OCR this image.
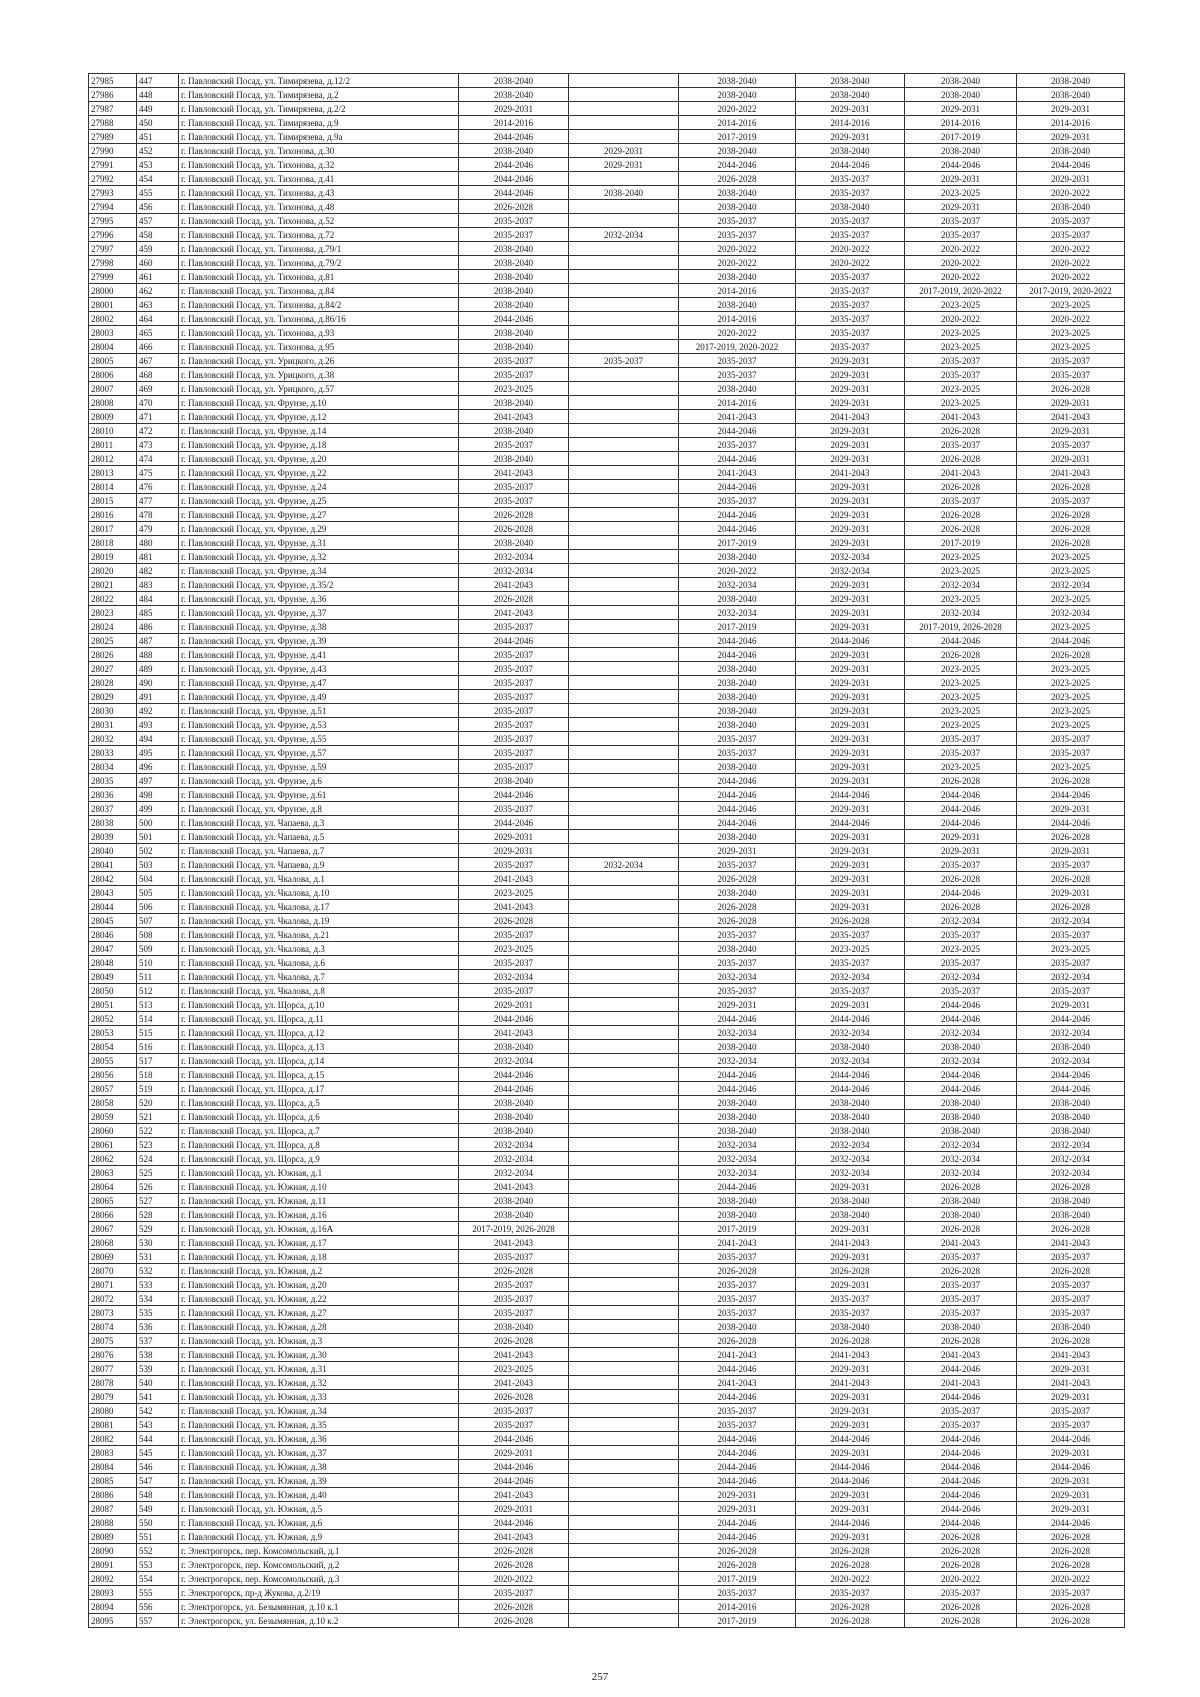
27985	447	г. Павловский Посад, ул. Тимирязева, д.12/2	2038-2040		2038-2040	2038-2040	2038-2040	2038-2040
27986	448	г. Павловский Посад, ул. Тимирязева, д.2	2038-2040		2038-2040	2038-2040	2038-2040	2038-2040
27987	449	г. Павловский Посад, ул. Тимирязева, д.2/2	2029-2031		2020-2022	2029-2031	2029-2031	2029-2031
27988	450	г. Павловский Посад, ул. Тимирязева, д.9	2014-2016		2014-2016	2014-2016	2014-2016	2014-2016
27989	451	г. Павловский Посад, ул. Тимирязева, д.9а	2044-2046		2017-2019	2029-2031	2017-2019	2029-2031
27990	452	г. Павловский Посад, ул. Тихонова, д.30	2038-2040	2029-2031	2038-2040	2038-2040	2038-2040	2038-2040
27991	453	г. Павловский Посад, ул. Тихонова, д.32	2044-2046	2029-2031	2044-2046	2044-2046	2044-2046	2044-2046
27992	454	г. Павловский Посад, ул. Тихонова, д.41	2044-2046		2026-2028	2035-2037	2029-2031	2029-2031
27993	455	г. Павловский Посад, ул. Тихонова, д.43	2044-2046	2038-2040	2038-2040	2035-2037	2023-2025	2020-2022
27994	456	г. Павловский Посад, ул. Тихонова, д.48	2026-2028		2038-2040	2038-2040	2029-2031	2038-2040
27995	457	г. Павловский Посад, ул. Тихонова, д.52	2035-2037		2035-2037	2035-2037	2035-2037	2035-2037
27996	458	г. Павловский Посад, ул. Тихонова, д.72	2035-2037	2032-2034	2035-2037	2035-2037	2035-2037	2035-2037
27997	459	г. Павловский Посад, ул. Тихонова, д.79/1	2038-2040		2020-2022	2020-2022	2020-2022	2020-2022
27998	460	г. Павловский Посад, ул. Тихонова, д.79/2	2038-2040		2020-2022	2020-2022	2020-2022	2020-2022
27999	461	г. Павловский Посад, ул. Тихонова, д.81	2038-2040		2038-2040	2035-2037	2020-2022	2020-2022
28000	462	г. Павловский Посад, ул. Тихонова, д.84	2038-2040		2014-2016	2035-2037	2017-2019, 2020-2022	2017-2019, 2020-2022
28001	463	г. Павловский Посад, ул. Тихонова, д.84/2	2038-2040		2038-2040	2035-2037	2023-2025	2023-2025
28002	464	г. Павловский Посад, ул. Тихонова, д.86/16	2044-2046		2014-2016	2035-2037	2020-2022	2020-2022
28003	465	г. Павловский Посад, ул. Тихонова, д.93	2038-2040		2020-2022	2035-2037	2023-2025	2023-2025
28004	466	г. Павловский Посад, ул. Тихонова, д.95	2038-2040		2017-2019, 2020-2022	2035-2037	2023-2025	2023-2025
28005	467	г. Павловский Посад, ул. Урицкого, д.26	2035-2037	2035-2037	2035-2037	2029-2031	2035-2037	2035-2037
28006	468	г. Павловский Посад, ул. Урицкого, д.38	2035-2037		2035-2037	2029-2031	2035-2037	2035-2037
28007	469	г. Павловский Посад, ул. Урицкого, д.57	2023-2025		2038-2040	2029-2031	2023-2025	2026-2028
28008	470	г. Павловский Посад, ул. Фрунзе, д.10	2038-2040		2014-2016	2029-2031	2023-2025	2029-2031
28009	471	г. Павловский Посад, ул. Фрунзе, д.12	2041-2043		2041-2043	2041-2043	2041-2043	2041-2043
28010	472	г. Павловский Посад, ул. Фрунзе, д.14	2038-2040		2044-2046	2029-2031	2026-2028	2029-2031
28011	473	г. Павловский Посад, ул. Фрунзе, д.18	2035-2037		2035-2037	2029-2031	2035-2037	2035-2037
28012	474	г. Павловский Посад, ул. Фрунзе, д.20	2038-2040		2044-2046	2029-2031	2026-2028	2029-2031
28013	475	г. Павловский Посад, ул. Фрунзе, д.22	2041-2043		2041-2043	2041-2043	2041-2043	2041-2043
28014	476	г. Павловский Посад, ул. Фрунзе, д.24	2035-2037		2044-2046	2029-2031	2026-2028	2026-2028
28015	477	г. Павловский Посад, ул. Фрунзе, д.25	2035-2037		2035-2037	2029-2031	2035-2037	2035-2037
28016	478	г. Павловский Посад, ул. Фрунзе, д.27	2026-2028		2044-2046	2029-2031	2026-2028	2026-2028
28017	479	г. Павловский Посад, ул. Фрунзе, д.29	2026-2028		2044-2046	2029-2031	2026-2028	2026-2028
28018	480	г. Павловский Посад, ул. Фрунзе, д.31	2038-2040		2017-2019	2029-2031	2017-2019	2026-2028
28019	481	г. Павловский Посад, ул. Фрунзе, д.32	2032-2034		2038-2040	2032-2034	2023-2025	2023-2025
28020	482	г. Павловский Посад, ул. Фрунзе, д.34	2032-2034		2020-2022	2032-2034	2023-2025	2023-2025
28021	483	г. Павловский Посад, ул. Фрунзе, д.35/2	2041-2043		2032-2034	2029-2031	2032-2034	2032-2034
28022	484	г. Павловский Посад, ул. Фрунзе, д.36	2026-2028		2038-2040	2029-2031	2023-2025	2023-2025
28023	485	г. Павловский Посад, ул. Фрунзе, д.37	2041-2043		2032-2034	2029-2031	2032-2034	2032-2034
28024	486	г. Павловский Посад, ул. Фрунзе, д.38	2035-2037		2017-2019	2029-2031	2017-2019, 2026-2028	2023-2025
28025	487	г. Павловский Посад, ул. Фрунзе, д.39	2044-2046		2044-2046	2044-2046	2044-2046	2044-2046
28026	488	г. Павловский Посад, ул. Фрунзе, д.41	2035-2037		2044-2046	2029-2031	2026-2028	2026-2028
28027	489	г. Павловский Посад, ул. Фрунзе, д.43	2035-2037		2038-2040	2029-2031	2023-2025	2023-2025
28028	490	г. Павловский Посад, ул. Фрунзе, д.47	2035-2037		2038-2040	2029-2031	2023-2025	2023-2025
28029	491	г. Павловский Посад, ул. Фрунзе, д.49	2035-2037		2038-2040	2029-2031	2023-2025	2023-2025
28030	492	г. Павловский Посад, ул. Фрунзе, д.51	2035-2037		2038-2040	2029-2031	2023-2025	2023-2025
28031	493	г. Павловский Посад, ул. Фрунзе, д.53	2035-2037		2038-2040	2029-2031	2023-2025	2023-2025
28032	494	г. Павловский Посад, ул. Фрунзе, д.55	2035-2037		2035-2037	2029-2031	2035-2037	2035-2037
28033	495	г. Павловский Посад, ул. Фрунзе, д.57	2035-2037		2035-2037	2029-2031	2035-2037	2035-2037
28034	496	г. Павловский Посад, ул. Фрунзе, д.59	2035-2037		2038-2040	2029-2031	2023-2025	2023-2025
28035	497	г. Павловский Посад, ул. Фрунзе, д.6	2038-2040		2044-2046	2029-2031	2026-2028	2026-2028
28036	498	г. Павловский Посад, ул. Фрунзе, д.61	2044-2046		2044-2046	2044-2046	2044-2046	2044-2046
28037	499	г. Павловский Посад, ул. Фрунзе, д.8	2035-2037		2044-2046	2029-2031	2044-2046	2029-2031
28038	500	г. Павловский Посад, ул. Чапаева, д.3	2044-2046		2044-2046	2044-2046	2044-2046	2044-2046
28039	501	г. Павловский Посад, ул. Чапаева, д.5	2029-2031		2038-2040	2029-2031	2029-2031	2026-2028
28040	502	г. Павловский Посад, ул. Чапаева, д.7	2029-2031		2029-2031	2029-2031	2029-2031	2029-2031
28041	503	г. Павловский Посад, ул. Чапаева, д.9	2035-2037	2032-2034	2035-2037	2029-2031	2035-2037	2035-2037
28042	504	г. Павловский Посад, ул. Чкалова, д.1	2041-2043		2026-2028	2029-2031	2026-2028	2026-2028
28043	505	г. Павловский Посад, ул. Чкалова, д.10	2023-2025		2038-2040	2029-2031	2044-2046	2029-2031
28044	506	г. Павловский Посад, ул. Чкалова, д.17	2041-2043		2026-2028	2029-2031	2026-2028	2026-2028
28045	507	г. Павловский Посад, ул. Чкалова, д.19	2026-2028		2026-2028	2026-2028	2032-2034	2032-2034
28046	508	г. Павловский Посад, ул. Чкалова, д.21	2035-2037		2035-2037	2035-2037	2035-2037	2035-2037
28047	509	г. Павловский Посад, ул. Чкалова, д.3	2023-2025		2038-2040	2023-2025	2023-2025	2023-2025
28048	510	г. Павловский Посад, ул. Чкалова, д.6	2035-2037		2035-2037	2035-2037	2035-2037	2035-2037
28049	511	г. Павловский Посад, ул. Чкалова, д.7	2032-2034		2032-2034	2032-2034	2032-2034	2032-2034
28050	512	г. Павловский Посад, ул. Чкалова, д.8	2035-2037		2035-2037	2035-2037	2035-2037	2035-2037
28051	513	г. Павловский Посад, ул. Щорса, д.10	2029-2031		2029-2031	2029-2031	2044-2046	2029-2031
28052	514	г. Павловский Посад, ул. Щорса, д.11	2044-2046		2044-2046	2044-2046	2044-2046	2044-2046
28053	515	г. Павловский Посад, ул. Щорса, д.12	2041-2043		2032-2034	2032-2034	2032-2034	2032-2034
28054	516	г. Павловский Посад, ул. Щорса, д.13	2038-2040		2038-2040	2038-2040	2038-2040	2038-2040
28055	517	г. Павловский Посад, ул. Щорса, д.14	2032-2034		2032-2034	2032-2034	2032-2034	2032-2034
28056	518	г. Павловский Посад, ул. Щорса, д.15	2044-2046		2044-2046	2044-2046	2044-2046	2044-2046
28057	519	г. Павловский Посад, ул. Щорса, д.17	2044-2046		2044-2046	2044-2046	2044-2046	2044-2046
28058	520	г. Павловский Посад, ул. Щорса, д.5	2038-2040		2038-2040	2038-2040	2038-2040	2038-2040
28059	521	г. Павловский Посад, ул. Щорса, д.6	2038-2040		2038-2040	2038-2040	2038-2040	2038-2040
28060	522	г. Павловский Посад, ул. Щорса, д.7	2038-2040		2038-2040	2038-2040	2038-2040	2038-2040
28061	523	г. Павловский Посад, ул. Щорса, д.8	2032-2034		2032-2034	2032-2034	2032-2034	2032-2034
28062	524	г. Павловский Посад, ул. Щорса, д.9	2032-2034		2032-2034	2032-2034	2032-2034	2032-2034
28063	525	г. Павловский Посад, ул. Южная, д.1	2032-2034		2032-2034	2032-2034	2032-2034	2032-2034
28064	526	г. Павловский Посад, ул. Южная, д.10	2041-2043		2044-2046	2029-2031	2026-2028	2026-2028
28065	527	г. Павловский Посад, ул. Южная, д.11	2038-2040		2038-2040	2038-2040	2038-2040	2038-2040
28066	528	г. Павловский Посад, ул. Южная, д.16	2038-2040		2038-2040	2038-2040	2038-2040	2038-2040
28067	529	г. Павловский Посад, ул. Южная, д.16А	2017-2019, 2026-2028		2017-2019	2029-2031	2026-2028	2026-2028
28068	530	г. Павловский Посад, ул. Южная, д.17	2041-2043		2041-2043	2041-2043	2041-2043	2041-2043
28069	531	г. Павловский Посад, ул. Южная, д.18	2035-2037		2035-2037	2029-2031	2035-2037	2035-2037
28070	532	г. Павловский Посад, ул. Южная, д.2	2026-2028		2026-2028	2026-2028	2026-2028	2026-2028
28071	533	г. Павловский Посад, ул. Южная, д.20	2035-2037		2035-2037	2029-2031	2035-2037	2035-2037
28072	534	г. Павловский Посад, ул. Южная, д.22	2035-2037		2035-2037	2035-2037	2035-2037	2035-2037
28073	535	г. Павловский Посад, ул. Южная, д.27	2035-2037		2035-2037	2035-2037	2035-2037	2035-2037
28074	536	г. Павловский Посад, ул. Южная, д.28	2038-2040		2038-2040	2038-2040	2038-2040	2038-2040
28075	537	г. Павловский Посад, ул. Южная, д.3	2026-2028		2026-2028	2026-2028	2026-2028	2026-2028
28076	538	г. Павловский Посад, ул. Южная, д.30	2041-2043		2041-2043	2041-2043	2041-2043	2041-2043
28077	539	г. Павловский Посад, ул. Южная, д.31	2023-2025		2044-2046	2029-2031	2044-2046	2029-2031
28078	540	г. Павловский Посад, ул. Южная, д.32	2041-2043		2041-2043	2041-2043	2041-2043	2041-2043
28079	541	г. Павловский Посад, ул. Южная, д.33	2026-2028		2044-2046	2029-2031	2044-2046	2029-2031
28080	542	г. Павловский Посад, ул. Южная, д.34	2035-2037		2035-2037	2029-2031	2035-2037	2035-2037
28081	543	г. Павловский Посад, ул. Южная, д.35	2035-2037		2035-2037	2029-2031	2035-2037	2035-2037
28082	544	г. Павловский Посад, ул. Южная, д.36	2044-2046		2044-2046	2044-2046	2044-2046	2044-2046
28083	545	г. Павловский Посад, ул. Южная, д.37	2029-2031		2044-2046	2029-2031	2044-2046	2029-2031
28084	546	г. Павловский Посад, ул. Южная, д.38	2044-2046		2044-2046	2044-2046	2044-2046	2044-2046
28085	547	г. Павловский Посад, ул. Южная, д.39	2044-2046		2044-2046	2044-2046	2044-2046	2029-2031
28086	548	г. Павловский Посад, ул. Южная, д.40	2041-2043		2029-2031	2029-2031	2044-2046	2029-2031
28087	549	г. Павловский Посад, ул. Южная, д.5	2029-2031		2029-2031	2029-2031	2044-2046	2029-2031
28088	550	г. Павловский Посад, ул. Южная, д.6	2044-2046		2044-2046	2044-2046	2044-2046	2044-2046
28089	551	г. Павловский Посад, ул. Южная, д.9	2041-2043		2044-2046	2029-2031	2026-2028	2026-2028
28090	552	г. Электрогорск, пер. Комсомольский, д.1	2026-2028		2026-2028	2026-2028	2026-2028	2026-2028
28091	553	г. Электрогорск, пер. Комсомольский, д.2	2026-2028		2026-2028	2026-2028	2026-2028	2026-2028
28092	554	г. Электрогорск, пер. Комсомольский, д.3	2020-2022		2017-2019	2020-2022	2020-2022	2020-2022
28093	555	г. Электрогорск, пр-д Жукова, д.2/19	2035-2037		2035-2037	2035-2037	2035-2037	2035-2037
28094	556	г. Электрогорск, ул. Безымянная, д.10 к.1	2026-2028		2014-2016	2026-2028	2026-2028	2026-2028
28095	557	г. Электрогорск, ул. Безымянная, д.10 к.2	2026-2028		2017-2019	2026-2028	2026-2028	2026-2028
257
